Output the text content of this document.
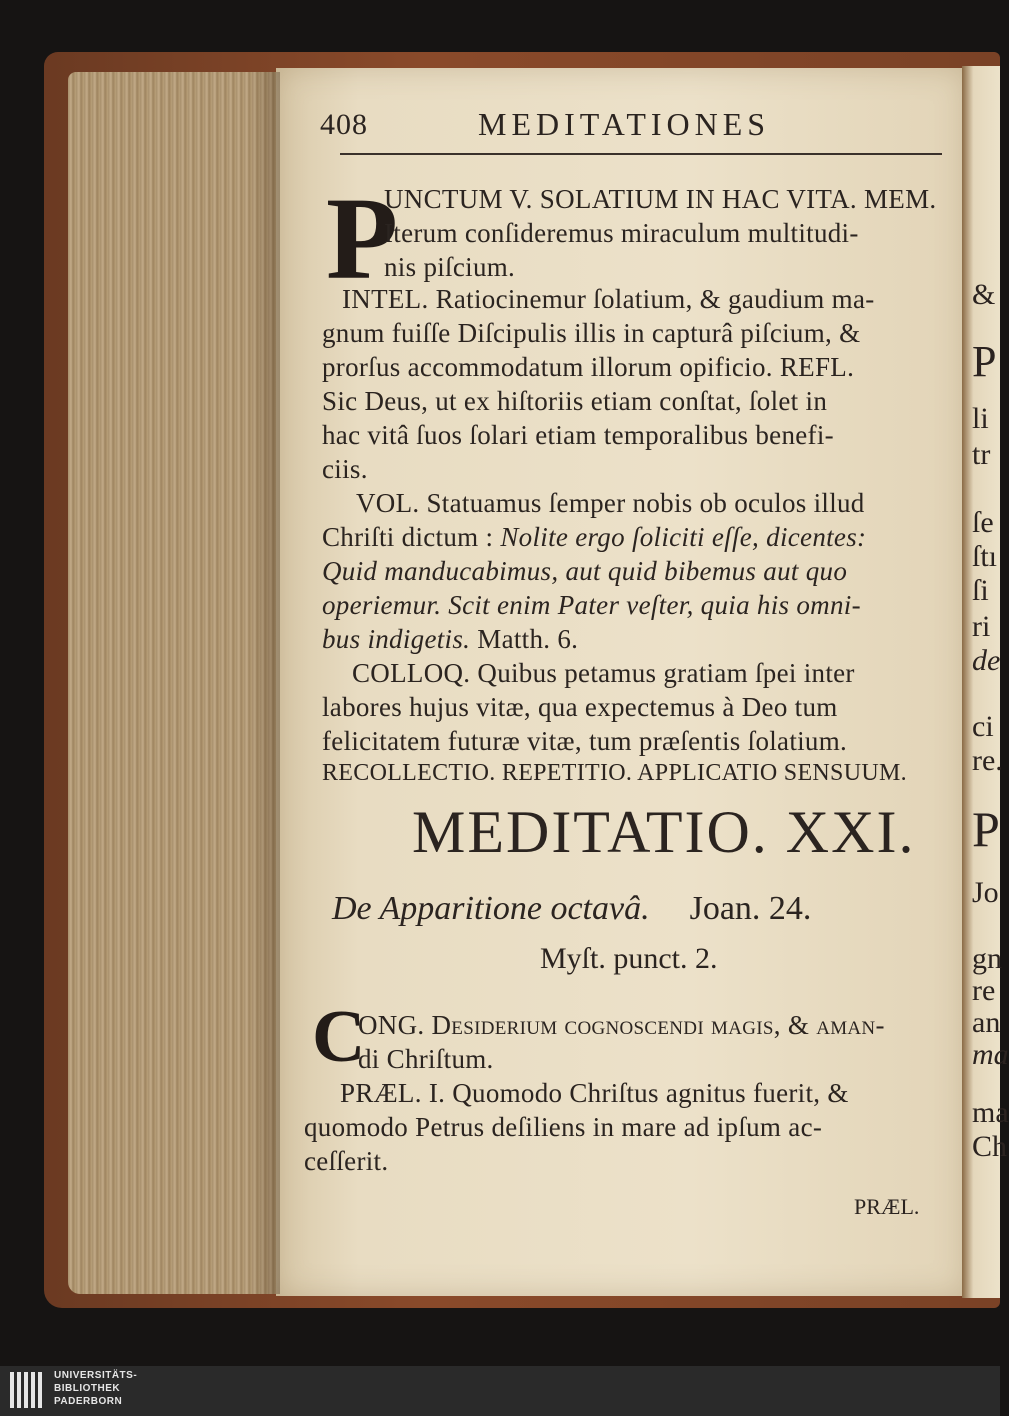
&
P
li
tr
ſe
ſtı
ſi
ri
de
ci
re.
P
Jo
gn
re
an
ma
ma
Ch
408	MEDITATIONES
P
UNCTUM V. SOLATIUM IN HAC VITA. MEM.
Iterum conſideremus miraculum multitudi-
nis piſcium.
INTEL. Ratiocinemur ſolatium, & gaudium ma-
gnum fuiſſe Diſcipulis illis in capturâ piſcium, &
prorſus accommodatum illorum opificio. REFL.
Sic Deus, ut ex hiſtoriis etiam conſtat, ſolet in
hac vitâ ſuos ſolari etiam temporalibus benefi-
ciis.
VOL. Statuamus ſemper nobis ob oculos illud
Chriſti dictum : Nolite ergo ſoliciti eſſe, dicentes:
Quid manducabimus, aut quid bibemus aut quo
operiemur. Scit enim Pater veſter, quia his omni-
bus indigetis. Matth. 6.
COLLOQ. Quibus petamus gratiam ſpei inter
labores hujus vitæ, qua expectemus à Deo tum
felicitatem futuræ vitæ, tum præſentis ſolatium.
RECOLLECTIO. REPETITIO. APPLICATIO SENSUUM.
MEDITATIO. XXI.
De Apparitione octavâ. Joan. 24.
Myſt. punct. 2.
C
ONG. Deſiderium cognoſcendi magis, & aman-
di Chriſtum.
PRÆL. I. Quomodo Chriſtus agnitus fuerit, &
quomodo Petrus deſiliens in mare ad ipſum ac-
ceſſerit.
PRÆL.
UNIVERSITÄTS-
BIBLIOTHEK
PADERBORN
